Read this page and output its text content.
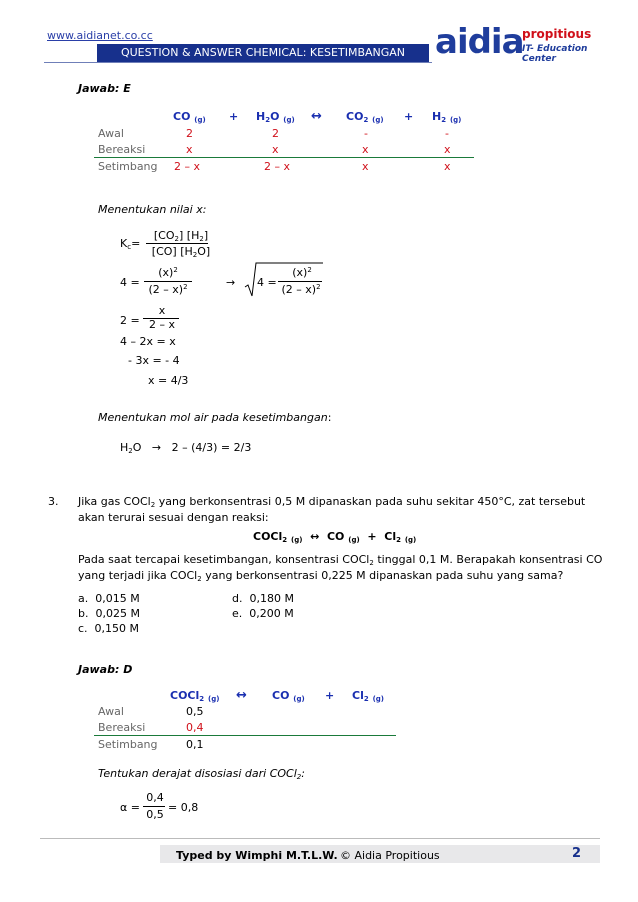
www.aidianet.co.cc
QUESTION & ANSWER CHEMICAL: KESETIMBANGAN aidia
propitious
IT- Education Center
Jawab: E
CO $_{(g)} + H_2O$ $_{(g)}$ ↔ $CO_2$ $_{(g)} + H_2$ $_{(g)}$
Awal	2	2	-	-
Bereaksi	x	x	x	x
Setimbang 2 – x	2 – x	x	x
Menentukan nilai x:
$K_c=$
$[CO_2]$ $[H_2]$
[CO] $[H_2O]$
4 =
$(x)^2$
(2 – x)$^2$	→ 4 =
$(x)^2$
(2 – x)$^2$
2 =
x
2 – x
4 – 2x = x
- 3x = - 4
x = 4/3
Menentukan mol air pada kesetimbangan:
$H_2O \to 2 - (4/3) = 2/3$
3. Jika gas COCl$_2$ yang berkonsentrasi 0,5 M dipanaskan pada suhu sekitar 450°C, zat tersebut
akan terurai sesuai dengan reaksi:
COCl$_2$ $_{(g)}$ ↔ CO $_{(g)} + Cl_2$ $_{(g)}$
Pada saat tercapai kesetimbangan, konsentrasi COCl$_2$ tinggal 0,1 M. Berapakah konsentrasi CO
yang terjadi jika COCl$_2$ yang berkonsentrasi 0,225 M dipanaskan pada suhu yang sama?
a. 0,015 M
b. 0,025 M
c. 0,150 M
d. 0,180 M
e. 0,200 M
Jawab: D
COCl$_2$ $_{(g)}$ ↔ CO $_{(g)} + Cl_2$ $_{(g)}$
Awal	0,5
Bereaksi	0,4
Setimbang	0,1
Tentukan derajat disosiasi dari COCl$_2$:
α =
0,4
0,5
= 0,8
Typed by Wimphi M.T.L.W. © Aidia Propitious	2
